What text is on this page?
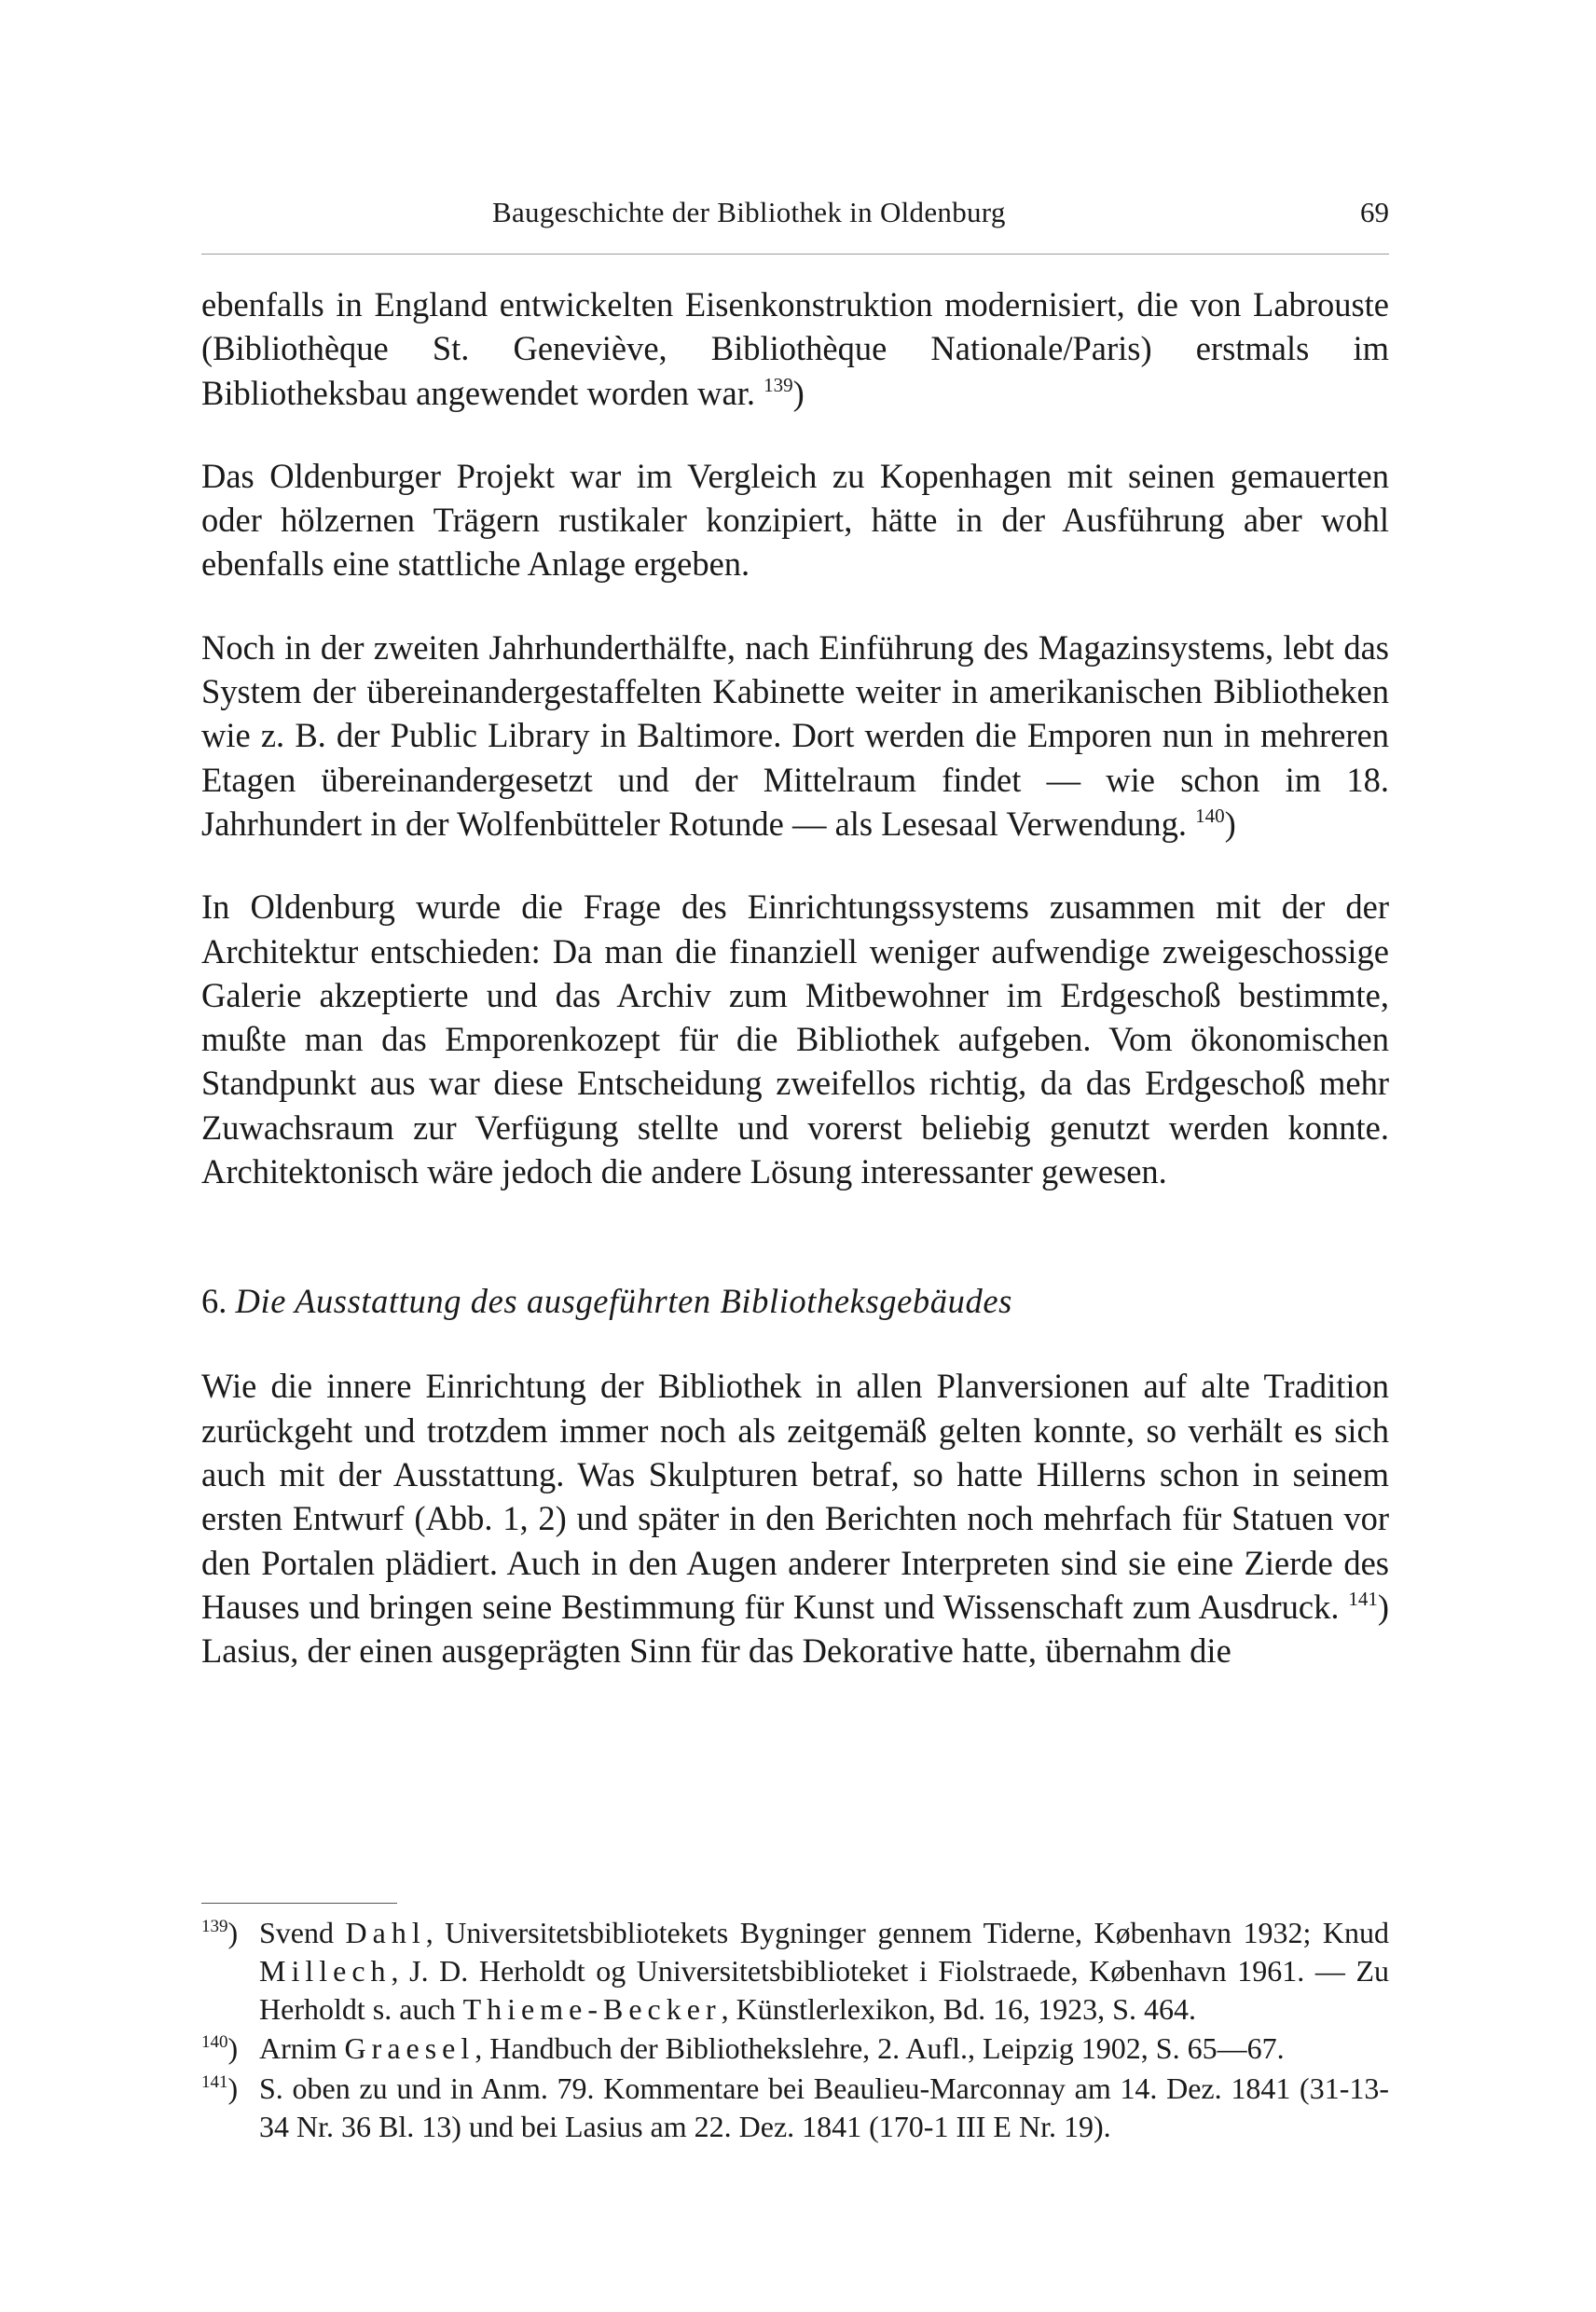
Baugeschichte der Bibliothek in Oldenburg	69

ebenfalls in England entwickelten Eisenkonstruktion modernisiert, die von Labrouste (Bibliothèque St. Geneviève, Bibliothèque Nationale/Paris) erstmals im Bibliotheksbau angewendet worden war. $^{139}$)

Das Oldenburger Projekt war im Vergleich zu Kopenhagen mit seinen gemauerten oder hölzernen Trägern rustikaler konzipiert, hätte in der Ausführung aber wohl ebenfalls eine stattliche Anlage ergeben.

Noch in der zweiten Jahrhunderthälfte, nach Einführung des Magazinsystems, lebt das System der übereinandergestaffelten Kabinette weiter in amerikanischen Bibliotheken wie z. B. der Public Library in Baltimore. Dort werden die Emporen nun in mehreren Etagen übereinandergesetzt und der Mittelraum findet — wie schon im 18. Jahrhundert in der Wolfenbütteler Rotunde — als Lesesaal Verwendung. $^{140}$)

In Oldenburg wurde die Frage des Einrichtungssystems zusammen mit der der Architektur entschieden: Da man die finanziell weniger aufwendige zweigeschossige Galerie akzeptierte und das Archiv zum Mitbewohner im Erdgeschoß bestimmte, mußte man das Emporenkozept für die Bibliothek aufgeben. Vom ökonomischen Standpunkt aus war diese Entscheidung zweifellos richtig, da das Erdgeschoß mehr Zuwachsraum zur Verfügung stellte und vorerst beliebig genutzt werden konnte. Architektonisch wäre jedoch die andere Lösung interessanter gewesen.

6. Die Ausstattung des ausgeführten Bibliotheksgebäudes

Wie die innere Einrichtung der Bibliothek in allen Planversionen auf alte Tradition zurückgeht und trotzdem immer noch als zeitgemäß gelten konnte, so verhält es sich auch mit der Ausstattung. Was Skulpturen betraf, so hatte Hillerns schon in seinem ersten Entwurf (Abb. 1, 2) und später in den Berichten noch mehrfach für Statuen vor den Portalen plädiert. Auch in den Augen anderer Interpreten sind sie eine Zierde des Hauses und bringen seine Bestimmung für Kunst und Wissenschaft zum Ausdruck. $^{141}$) Lasius, der einen ausgeprägten Sinn für das Dekorative hatte, übernahm die

$^{139}$) Svend Dahl, Universitetsbibliotekets Bygninger gennem Tiderne, København 1932; Knud Millech, J. D. Herholdt og Universitetsbiblioteket i Fiolstraede, København 1961. — Zu Herholdt s. auch Thieme-Becker, Künstlerlexikon, Bd. 16, 1923, S. 464.
$^{140}$) Arnim Graesel, Handbuch der Bibliothekslehre, 2. Aufl., Leipzig 1902, S. 65—67.
$^{141}$) S. oben zu und in Anm. 79. Kommentare bei Beaulieu-Marconnay am 14. Dez. 1841 (31-13-34 Nr. 36 Bl. 13) und bei Lasius am 22. Dez. 1841 (170-1 III E Nr. 19).
